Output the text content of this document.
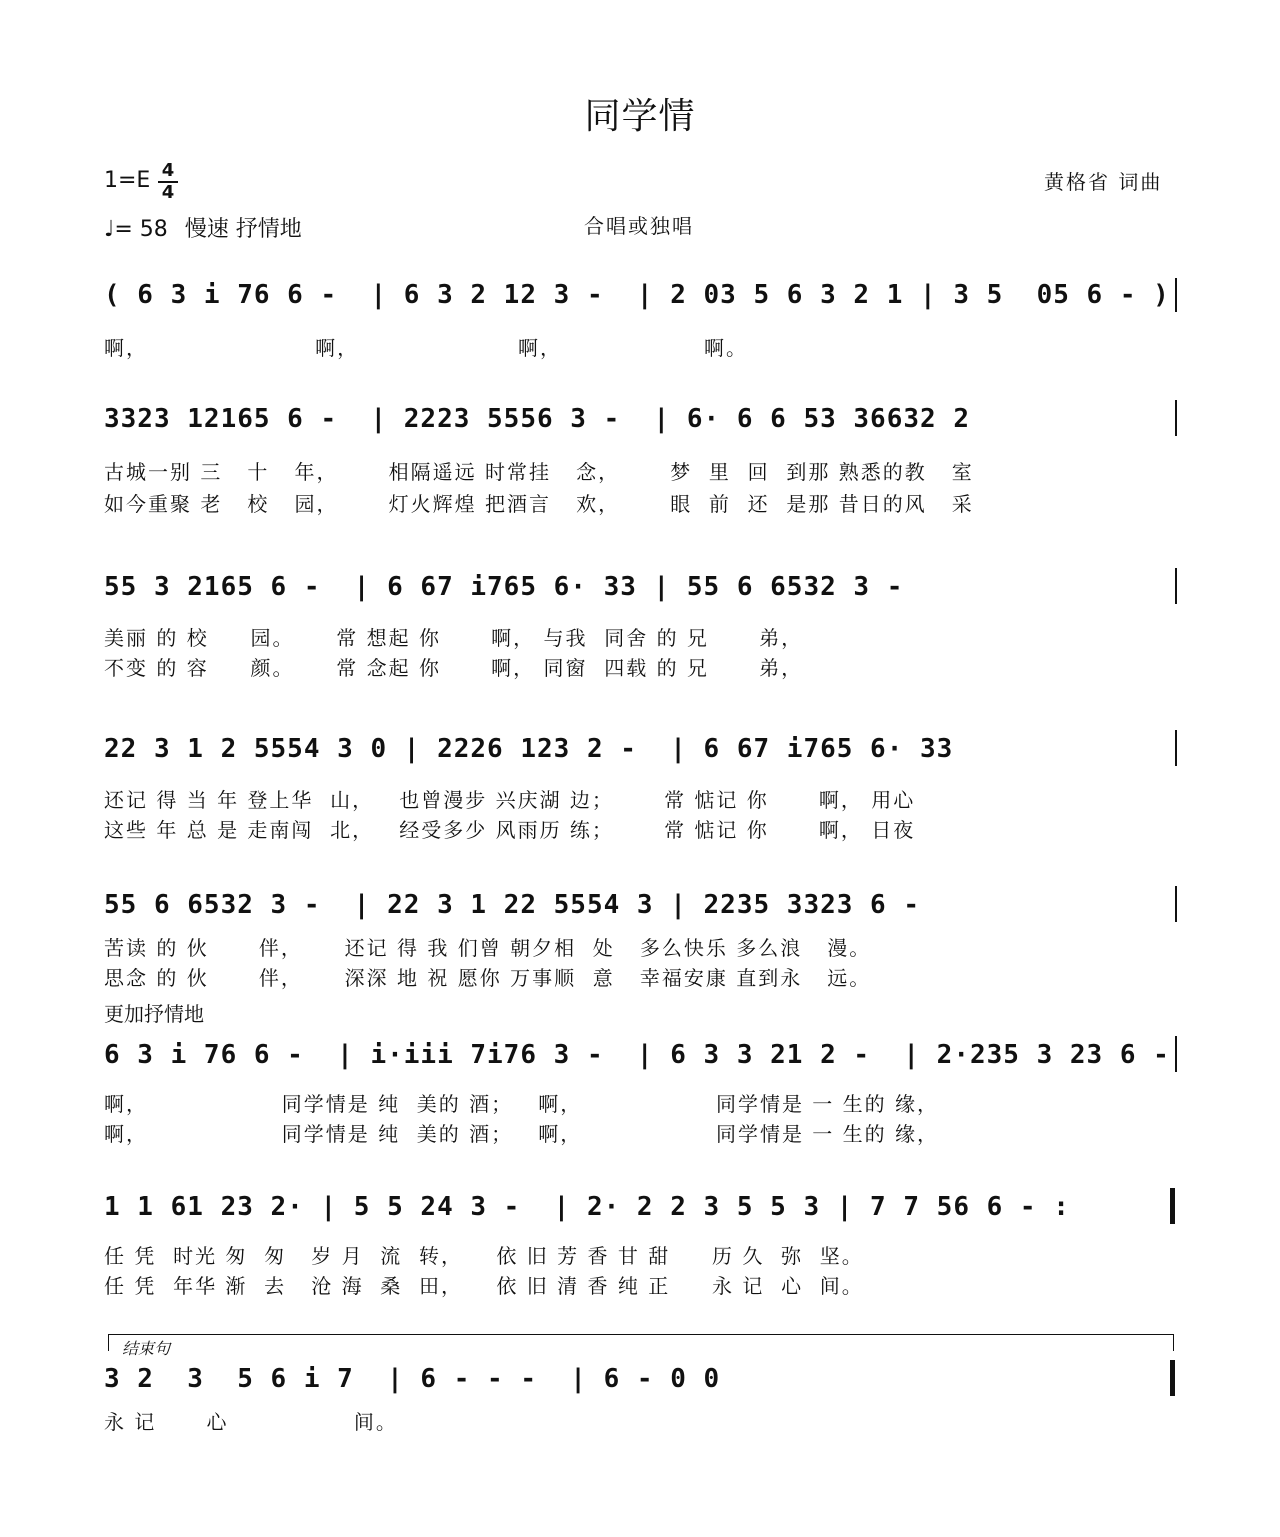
同学情
1=E 4
4
♩= 58 慢速 抒情地	合唱或独唱
黄格省 词曲
( 6 3 i 76 6 -  | 6 3 2 12 3 -  | 2 03 5 6 3 2 1 | 3 5  05 6 - )
啊，                    啊，                   啊，                 啊。
3323 12165 6 -  | 2223 5556 3 -  | 6· 6 6 53 36632 2
古城一别 三   十   年，      相隔遥远 时常挂   念，      梦  里  回  到那 熟悉的教   室
如今重聚 老   校   园，      灯火辉煌 把酒言   欢，      眼  前  还  是那 昔日的风   采
55 3 2165 6 -  | 6 67 i765 6· 33 | 55 6 6532 3 -
美丽 的 校     园。     常 想起 你      啊， 与我  同舍 的 兄      弟，
不变 的 容     颜。     常 念起 你      啊， 同窗  四载 的 兄      弟，
22 3 1 2 5554 3 0 | 2226 123 2 -  | 6 67 i765 6· 33
还记 得 当 年 登上华  山，   也曾漫步 兴庆湖 边；      常 惦记 你      啊， 用心
这些 年 总 是 走南闯  北，   经受多少 风雨历 练；      常 惦记 你      啊， 日夜
55 6 6532 3 -  | 22 3 1 22 5554 3 | 2235 3323 6 -
苦读 的 伙      伴，     还记 得 我 们曾 朝夕相  处   多么快乐 多么浪   漫。
思念 的 伙      伴，     深深 地 祝 愿你 万事顺  意   幸福安康 直到永   远。
更加抒情地
6 3 i 76 6 -  | i·iii 7i76 3 -  | 6 3 3 21 2 -  | 2·235 3 23 6 -
啊，                同学情是 纯  美的 酒；   啊，                同学情是 一 生的 缘，
啊，                同学情是 纯  美的 酒；   啊，                同学情是 一 生的 缘，
1 1 61 23 2· | 5 5 24 3 -  | 2· 2 2 3 5 5 3 | 7 7 56 6 - :
任 凭  时光 匆  匆   岁 月  流  转，    依 旧 芳 香 甘 甜     历 久  弥  坚。
任 凭  年华 渐  去   沧 海  桑  田，    依 旧 清 香 纯 正     永 记  心  间。
结束句
3 2  3  5 6 i 7  | 6 - - -  | 6 - 0 0
永 记      心               间。
